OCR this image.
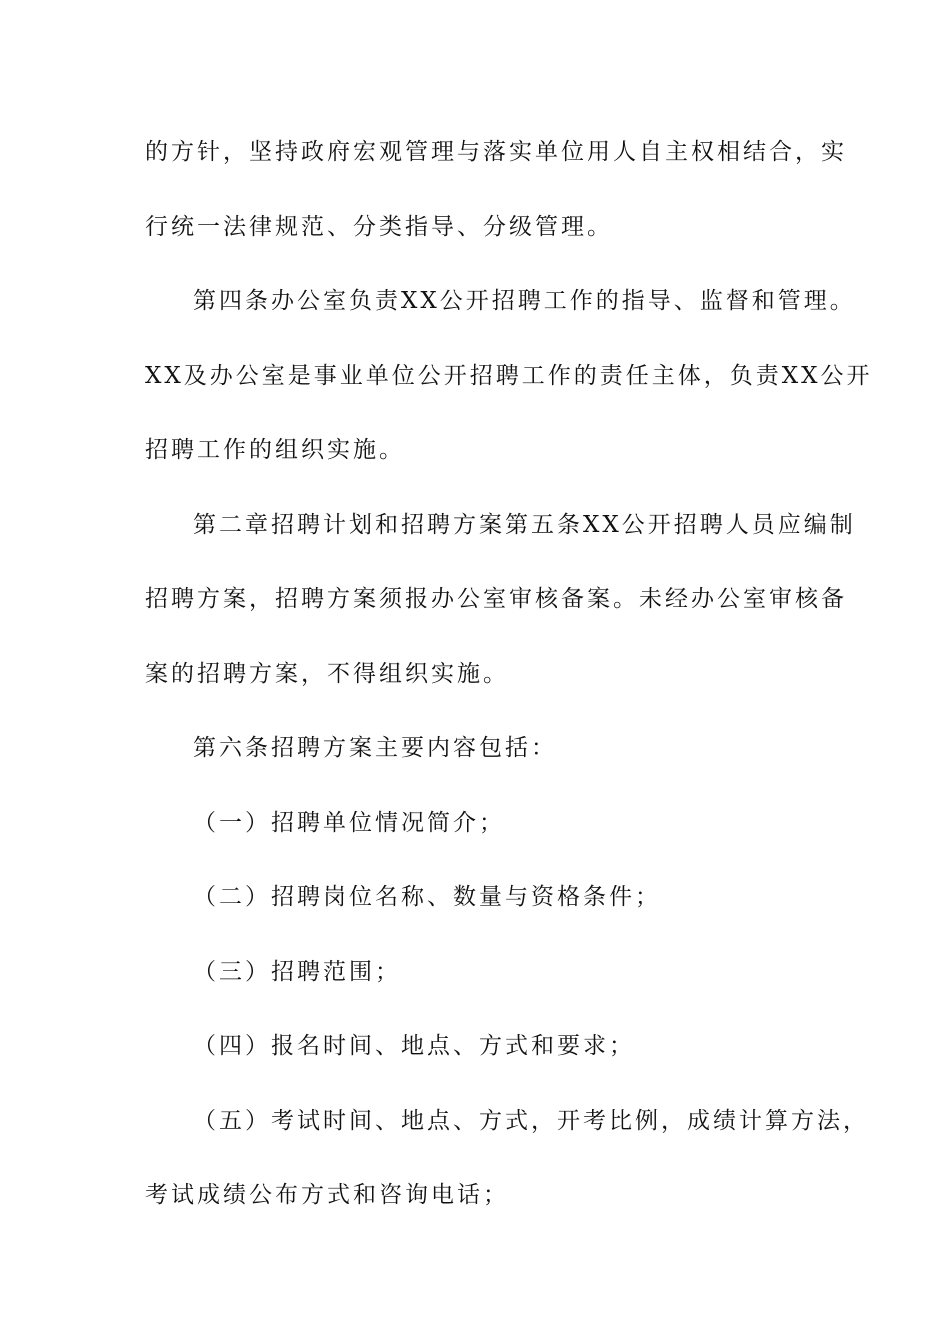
的方针，坚持政府宏观管理与落实单位用人自主权相结合，实
行统一法律规范、分类指导、分级管理。
第四条办公室负责XX公开招聘工作的指导、监督和管理。
XX及办公室是事业单位公开招聘工作的责任主体，负责XX公开
招聘工作的组织实施。
第二章招聘计划和招聘方案第五条XX公开招聘人员应编制
招聘方案，招聘方案须报办公室审核备案。未经办公室审核备
案的招聘方案，不得组织实施。
第六条招聘方案主要内容包括：
（一）招聘单位情况简介；
（二）招聘岗位名称、数量与资格条件；
（三）招聘范围；
（四）报名时间、地点、方式和要求；
（五）考试时间、地点、方式，开考比例，成绩计算方法，
考试成绩公布方式和咨询电话；
